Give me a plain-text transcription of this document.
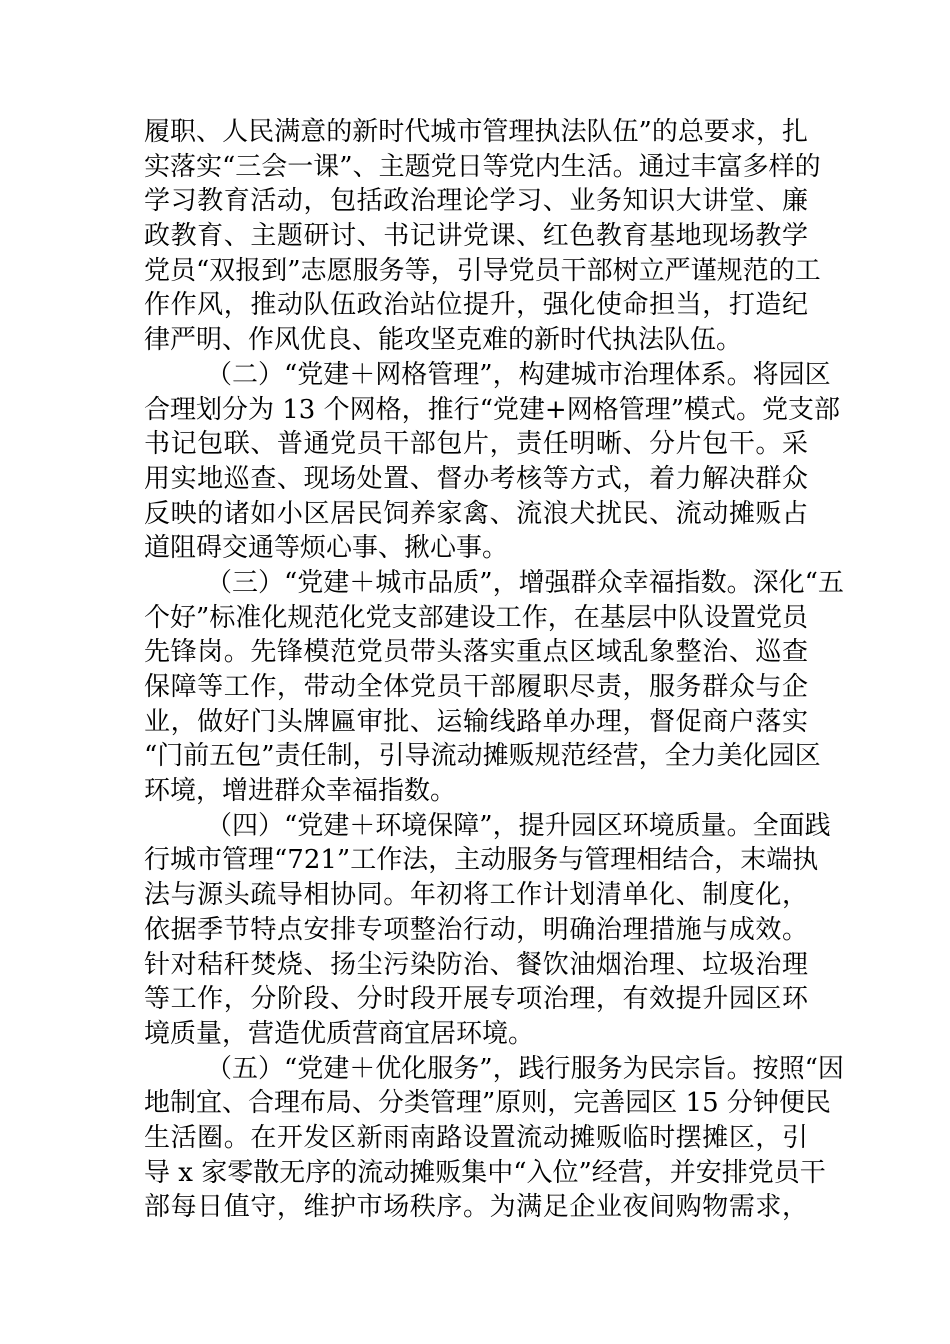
履职、人民满意的新时代城市管理执法队伍”的总要求，扎
实落实“三会一课”、主题党日等党内生活。通过丰富多样的
学习教育活动，包括政治理论学习、业务知识大讲堂、廉
政教育、主题研讨、书记讲党课、红色教育基地现场教学
党员“双报到”志愿服务等，引导党员干部树立严谨规范的工
作作风，推动队伍政治站位提升，强化使命担当，打造纪
律严明、作风优良、能攻坚克难的新时代执法队伍。
（二）“党建＋网格管理”，构建城市治理体系。将园区
合理划分为 13 个网格，推行“党建+网格管理”模式。党支部
书记包联、普通党员干部包片，责任明晰、分片包干。采
用实地巡查、现场处置、督办考核等方式，着力解决群众
反映的诸如小区居民饲养家禽、流浪犬扰民、流动摊贩占
道阻碍交通等烦心事、揪心事。
（三）“党建＋城市品质”，增强群众幸福指数。深化“五
个好”标准化规范化党支部建设工作，在基层中队设置党员
先锋岗。先锋模范党员带头落实重点区域乱象整治、巡查
保障等工作，带动全体党员干部履职尽责，服务群众与企
业，做好门头牌匾审批、运输线路单办理，督促商户落实
“门前五包”责任制，引导流动摊贩规范经营，全力美化园区
环境，增进群众幸福指数。
（四）“党建＋环境保障”，提升园区环境质量。全面践
行城市管理“721”工作法，主动服务与管理相结合，末端执
法与源头疏导相协同。年初将工作计划清单化、制度化，
依据季节特点安排专项整治行动，明确治理措施与成效。
针对秸秆焚烧、扬尘污染防治、餐饮油烟治理、垃圾治理
等工作，分阶段、分时段开展专项治理，有效提升园区环
境质量，营造优质营商宜居环境。
（五）“党建＋优化服务”，践行服务为民宗旨。按照“因
地制宜、合理布局、分类管理”原则，完善园区 15 分钟便民
生活圈。在开发区新雨南路设置流动摊贩临时摆摊区，引
导 x 家零散无序的流动摊贩集中“入位”经营，并安排党员干
部每日值守，维护市场秩序。为满足企业夜间购物需求，
